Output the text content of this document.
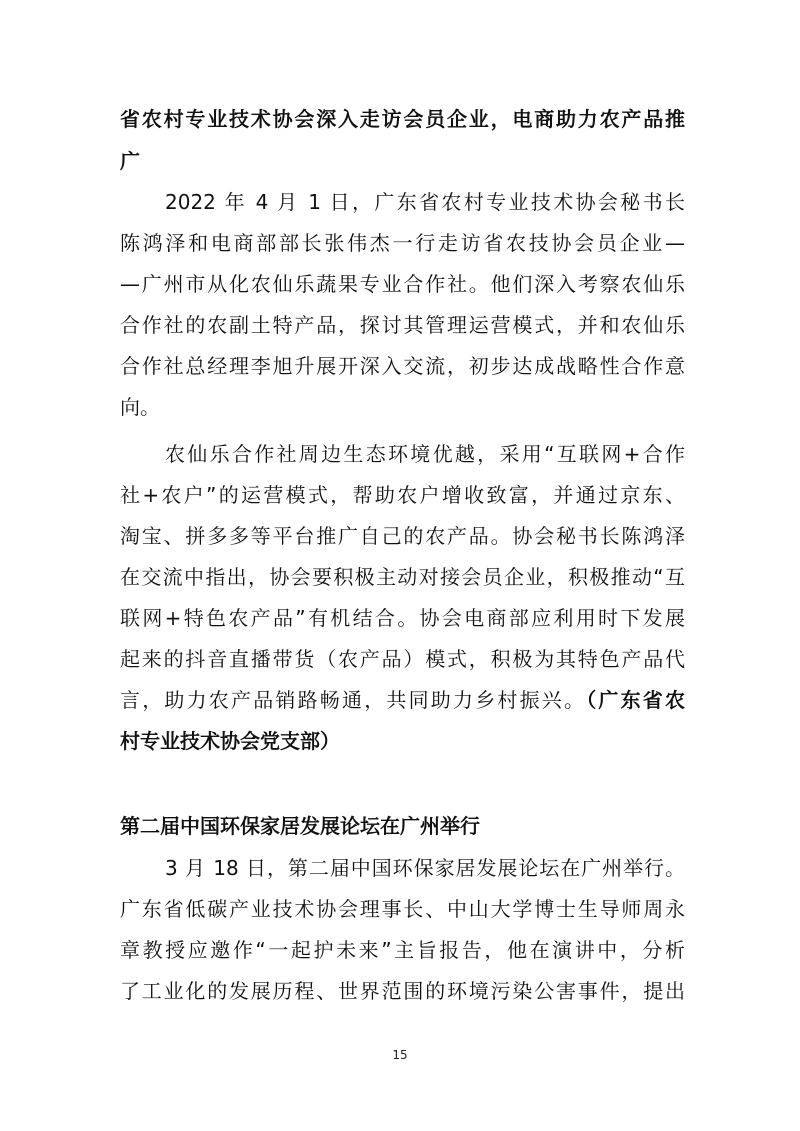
省农村专业技术协会深入走访会员企业，电商助力农产品推
广
2022 年 4 月 1 日，广东省农村专业技术协会秘书长
陈鸿泽和电商部部长张伟杰一行走访省农技协会员企业—
—广州市从化农仙乐蔬果专业合作社。他们深入考察农仙乐
合作社的农副土特产品，探讨其管理运营模式，并和农仙乐
合作社总经理李旭升展开深入交流，初步达成战略性合作意
向。
农仙乐合作社周边生态环境优越，采用“互联网+合作
社+农户”的运营模式，帮助农户增收致富，并通过京东、
淘宝、拼多多等平台推广自己的农产品。协会秘书长陈鸿泽
在交流中指出，协会要积极主动对接会员企业，积极推动“互
联网+特色农产品”有机结合。协会电商部应利用时下发展
起来的抖音直播带货（农产品）模式，积极为其特色产品代
言，助力农产品销路畅通，共同助力乡村振兴。（广东省农
村专业技术协会党支部）
第二届中国环保家居发展论坛在广州举行
3 月 18 日，第二届中国环保家居发展论坛在广州举行。
广东省低碳产业技术协会理事长、中山大学博士生导师周永
章教授应邀作“一起护未来”主旨报告，他在演讲中，分析
了工业化的发展历程、世界范围的环境污染公害事件，提出
15
